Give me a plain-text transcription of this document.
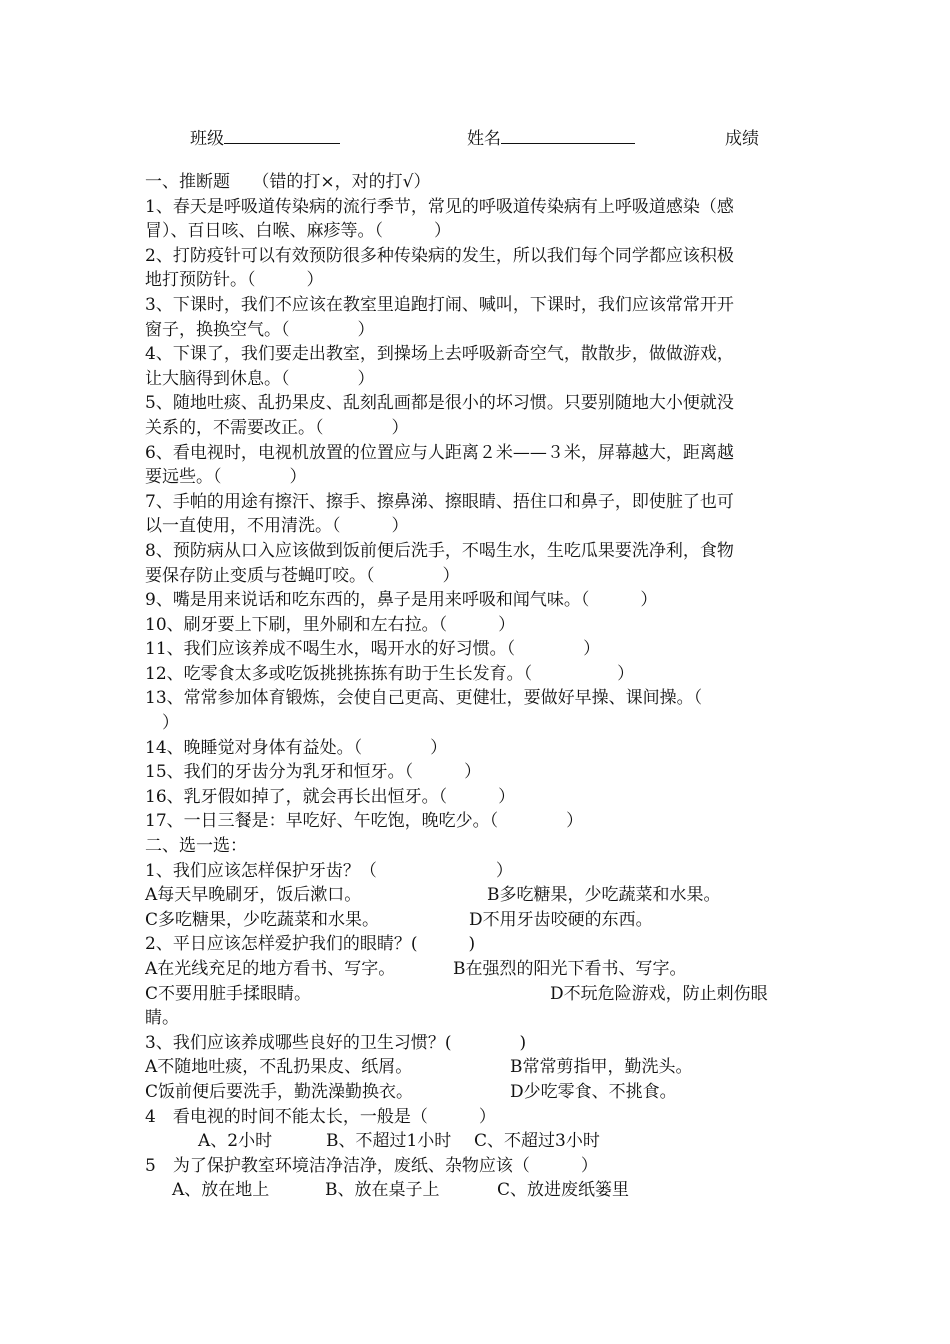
班级	姓名	成绩
一、推断题　 （错的打×，对的打√）
1、春天是呼吸道传染病的流行季节，常见的呼吸道传染病有上呼吸道感染（感
冒）、百日咳、白喉、麻疹等。（　　　）
2、打防疫针可以有效预防很多种传染病的发生，所以我们每个同学都应该积极
地打预防针。（　　　）
3、下课时，我们不应该在教室里追跑打闹、喊叫，下课时，我们应该常常开开
窗子，换换空气。（　　　　）
4、下课了，我们要走出教室，到操场上去呼吸新奇空气，散散步，做做游戏，
让大脑得到休息。（　　　　）
5、随地吐痰、乱扔果皮、乱刻乱画都是很小的坏习惯。只要别随地大小便就没
关系的，不需要改正。（　　　　）
6、看电视时，电视机放置的位置应与人距离２米——３米，屏幕越大，距离越
要远些。（　　　　）
7、手帕的用途有擦汗、擦手、擦鼻涕、擦眼睛、捂住口和鼻子，即使脏了也可
以一直使用，不用清洗。（　　　）
8、预防病从口入应该做到饭前便后洗手，不喝生水，生吃瓜果要洗净利，食物
要保存防止变质与苍蝇叮咬。（　　　　）
9、嘴是用来说话和吃东西的，鼻子是用来呼吸和闻气味。（　　　）
10、刷牙要上下刷，里外刷和左右拉。（　　　）
11、我们应该养成不喝生水，喝开水的好习惯。（　　　　）
12、吃零食太多或吃饭挑挑拣拣有助于生长发育。（　　　　　）
13、常常参加体育锻炼，会使自己更高、更健壮，要做好早操、课间操。（
　）
14、晚睡觉对身体有益处。（　　　　）
15、我们的牙齿分为乳牙和恒牙。（　　　）
16、乳牙假如掉了，就会再长出恒牙。（　　　）
17、一日三餐是：早吃好、午吃饱，晚吃少。（　　　　）
二、选一选：
1、我们应该怎样保护牙齿？（　　　　　　　）
A每天早晚刷牙，饭后漱口。	B多吃糖果，少吃蔬菜和水果。
C多吃糖果，少吃蔬菜和水果。	D不用牙齿咬硬的东西。
2、平日应该怎样爱护我们的眼睛？(　　　)
A在光线充足的地方看书、写字。	B在强烈的阳光下看书、写字。
C不要用脏手揉眼睛。	D不玩危险游戏，防止刺伤眼
睛。
3、我们应该养成哪些良好的卫生习惯？(　　　　)
A不随地吐痰，不乱扔果皮、纸屑。	B常常剪指甲，勤洗头。
C饭前便后要洗手，勤洗澡勤换衣。	D少吃零食、不挑食。
4　看电视的时间不能太长，一般是（　　　）
A、2小时	B、不超过1小时	C、不超过3小时
5　为了保护教室环境洁净洁净，废纸、杂物应该（　　　）
A、放在地上	B、放在桌子上	C、放进废纸篓里
